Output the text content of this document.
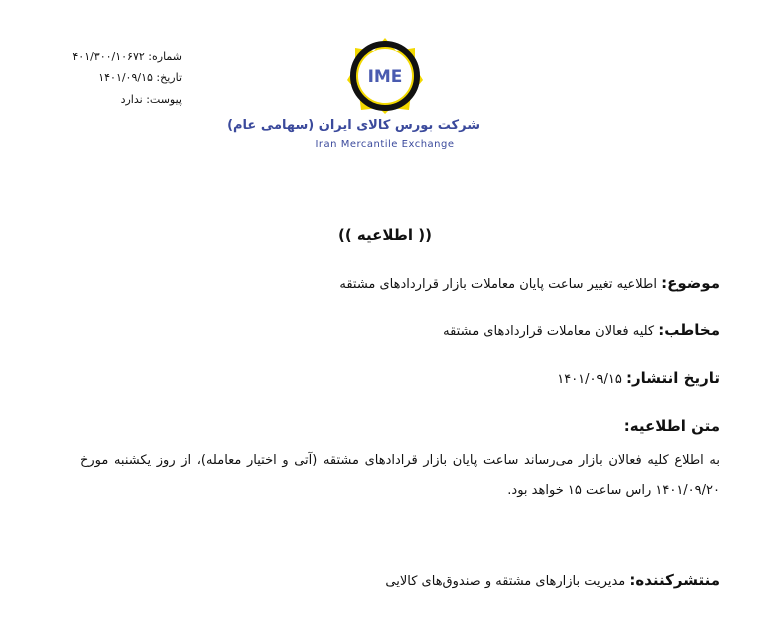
شماره: ۴۰۱/۳۰۰/۱۰۶۷۲
تاریخ: ۱۴۰۱/۰۹/۱۵
پیوست: ندارد
IME
شرکت بورس کالای ایران (سهامی عام)
Iran Mercantile Exchange
(( اطلاعیه ))
موضوع: اطلاعیه تغییر ساعت پایان معاملات بازار قراردادهای مشتقه
مخاطب: کلیه فعالان معاملات قراردادهای مشتقه
تاریخ انتشار: ۱۴۰۱/۰۹/۱۵
متن اطلاعیه:
به اطلاع کلیه فعالان بازار می‌رساند ساعت پایان بازار قرادادهای مشتقه (آتی و اختیار معامله)، از روز یکشنبه مورخ ۱۴۰۱/۰۹/۲۰ راس ساعت ۱۵ خواهد بود.
منتشرکننده: مدیریت بازارهای مشتقه و صندوق‌های کالایی
